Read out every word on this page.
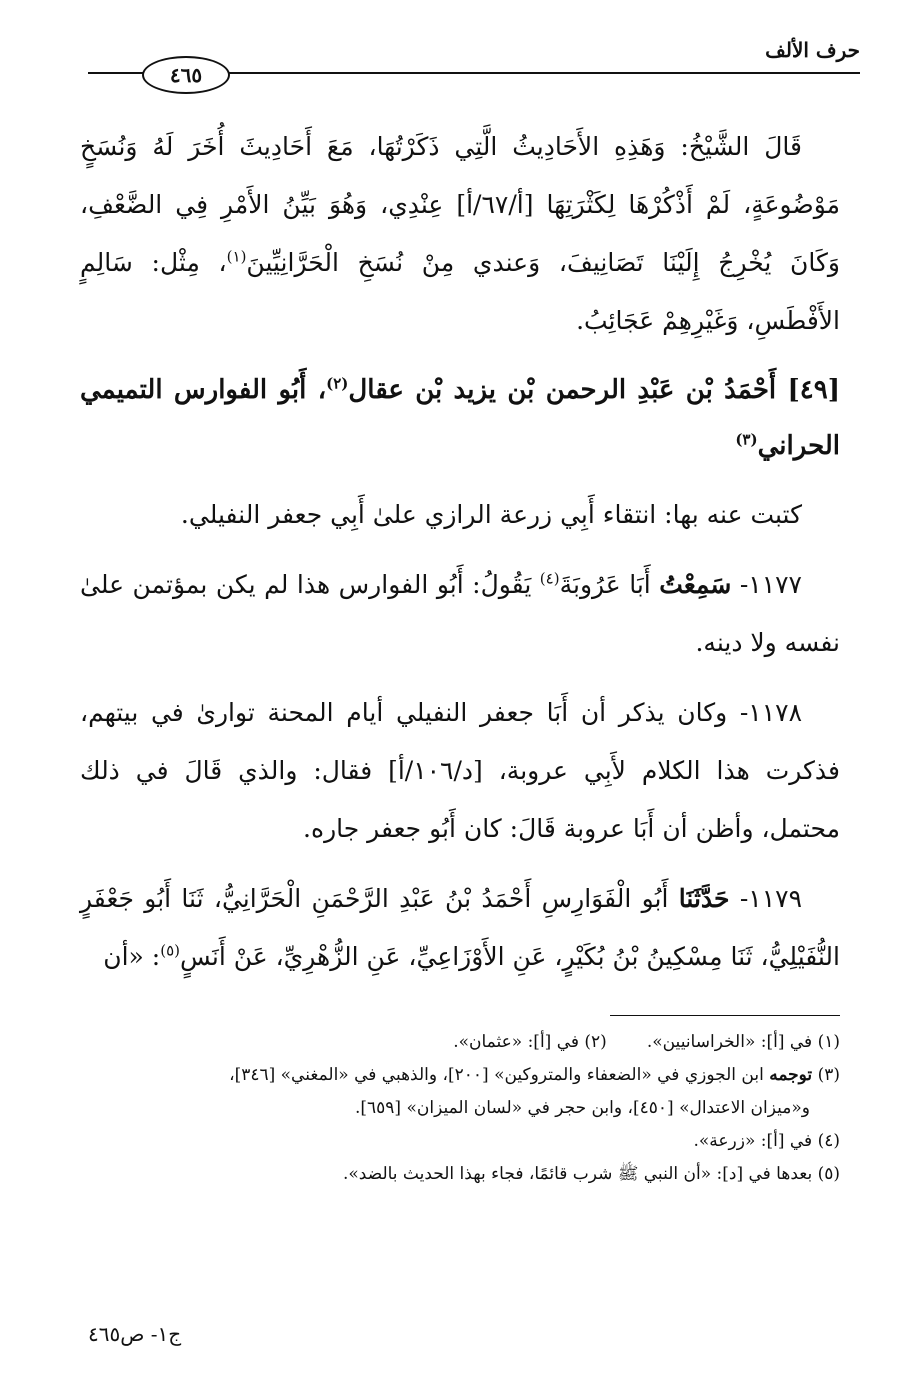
حرف الألف
٤٦٥

قَالَ الشَّيْخُ: وَهَذِهِ الأَحَادِيثُ الَّتِي ذَكَرْتُهَا، مَعَ أَحَادِيثَ أُخَرَ لَهُ وَنُسَخٍ مَوْضُوعَةٍ، لَمْ أَذْكُرْهَا لِكَثْرَتِهَا [أ/٦٧/أ] عِنْدِي، وَهُوَ بَيِّنُ الأَمْرِ فِي الضَّعْفِ، وَكَانَ يُخْرِجُ إِلَيْنَا تَصَانِيفَ، وَعندي مِنْ نُسَخِ الْحَرَّانِيِّينَ$^{(١)}$، مِثْل: سَالِمٍ الأَفْطَسِ، وَغَيْرِهِمْ عَجَائِبُ.

[٤٩] أَحْمَدُ بْن عَبْدِ الرحمن بْن يزيد بْن عقال$^{(٢)}$، أَبُو الفوارس التميمي الحراني$^{(٣)}$

كتبت عنه بها: انتقاء أَبِي زرعة الرازي علىٰ أَبِي جعفر النفيلي.

١١٧٧- سَمِعْتُ أَبَا عَرُوبَةَ$^{(٤)}$ يَقُولُ: أَبُو الفوارس هذا لم يكن بمؤتمن علىٰ نفسه ولا دينه.

١١٧٨- وكان يذكر أن أَبَا جعفر النفيلي أيام المحنة توارىٰ في بيتهم، فذكرت هذا الكلام لأَبِي عروبة، [د/١٠٦/أ] فقال: والذي قَالَ في ذلك محتمل، وأظن أن أَبَا عروبة قَالَ: كان أَبُو جعفر جاره.

١١٧٩- حَدَّثَنَا أَبُو الْفَوَارِسِ أَحْمَدُ بْنُ عَبْدِ الرَّحْمَنِ الْحَرَّانِيُّ، ثَنَا أَبُو جَعْفَرٍ النُّفَيْلِيُّ، ثَنَا مِسْكِينُ بْنُ بُكَيْرٍ، عَنِ الأَوْزَاعِيِّ، عَنِ الزُّهْرِيِّ، عَنْ أَنَسٍ$^{(٥)}$: «أن

(١) في [أ]: «الخراسانيين».
(٢) في [أ]: «عثمان».

(٣) توجمه ابن الجوزي في «الضعفاء والمتروكين» [٢٠٠]، والذهبي في «المغني» [٣٤٦]،

و«ميزان الاعتدال» [٤٥٠]، وابن حجر في «لسان الميزان» [٦٥٩].

(٤) في [أ]: «زرعة».

(٥) بعدها في [د]: «أن النبي ﷺ شرب قائمًا، فجاء بهذا الحديث بالضد».

ج١- ص٤٦٥
